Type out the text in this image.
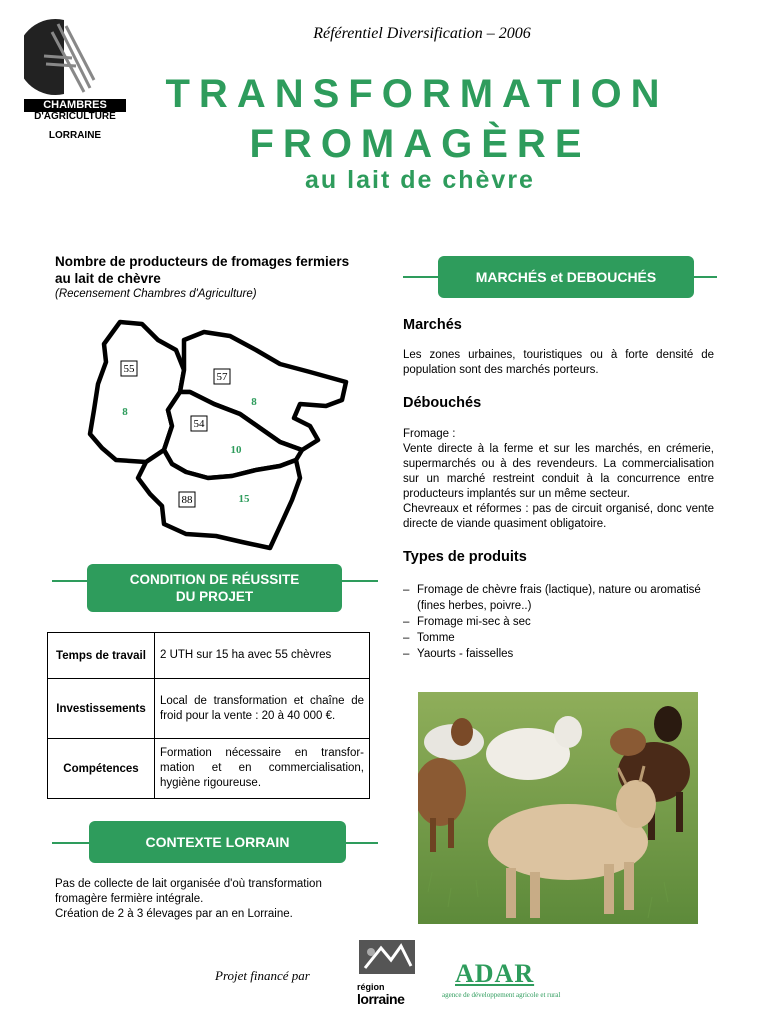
CHAMBRES
D'AGRICULTURE
LORRAINE
Référentiel Diversification – 2006
TRANSFORMATION
FROMAGÈRE
au lait de chèvre
Nombre de producteurs de fromages fermiers au lait de chèvre
(Recensement Chambres d'Agriculture)
55
57
54
88
8
8
10
15
CONDITION DE RÉUSSITE
DU PROJET
Temps de travail	2 UTH sur 15 ha avec 55 chèvres
Investissements	Local de transformation et chaîne de froid pour la vente : 20 à 40 000 €.
Compétences	Formation nécessaire en transfor-mation et en commercialisation, hygiène rigoureuse.
CONTEXTE LORRAIN
Pas de collecte de lait organisée d'où transformation fromagère fermière intégrale.
Création de 2 à 3 élevages par an en Lorraine.
MARCHÉS et DEBOUCHÉS
Marchés
Les zones urbaines, touristiques ou à forte densité de population sont des marchés porteurs.
Débouchés
Fromage :
Vente directe à la ferme et sur les marchés, en crémerie, supermarchés ou à des revendeurs. La commercialisation sur un marché restreint conduit à la concurrence entre producteurs implantés sur un même secteur.
Chevreaux et réformes : pas de circuit organisé, donc vente directe de viande quasiment obligatoire.
Types de produits
– Fromage de chèvre frais (lactique), nature ou aromatisé (fines herbes, poivre..)
– Fromage mi-sec à sec
– Tomme
– Yaourts - faisselles
Projet financé par
région
lorraine
ADAR
agence de développement agricole et rural
